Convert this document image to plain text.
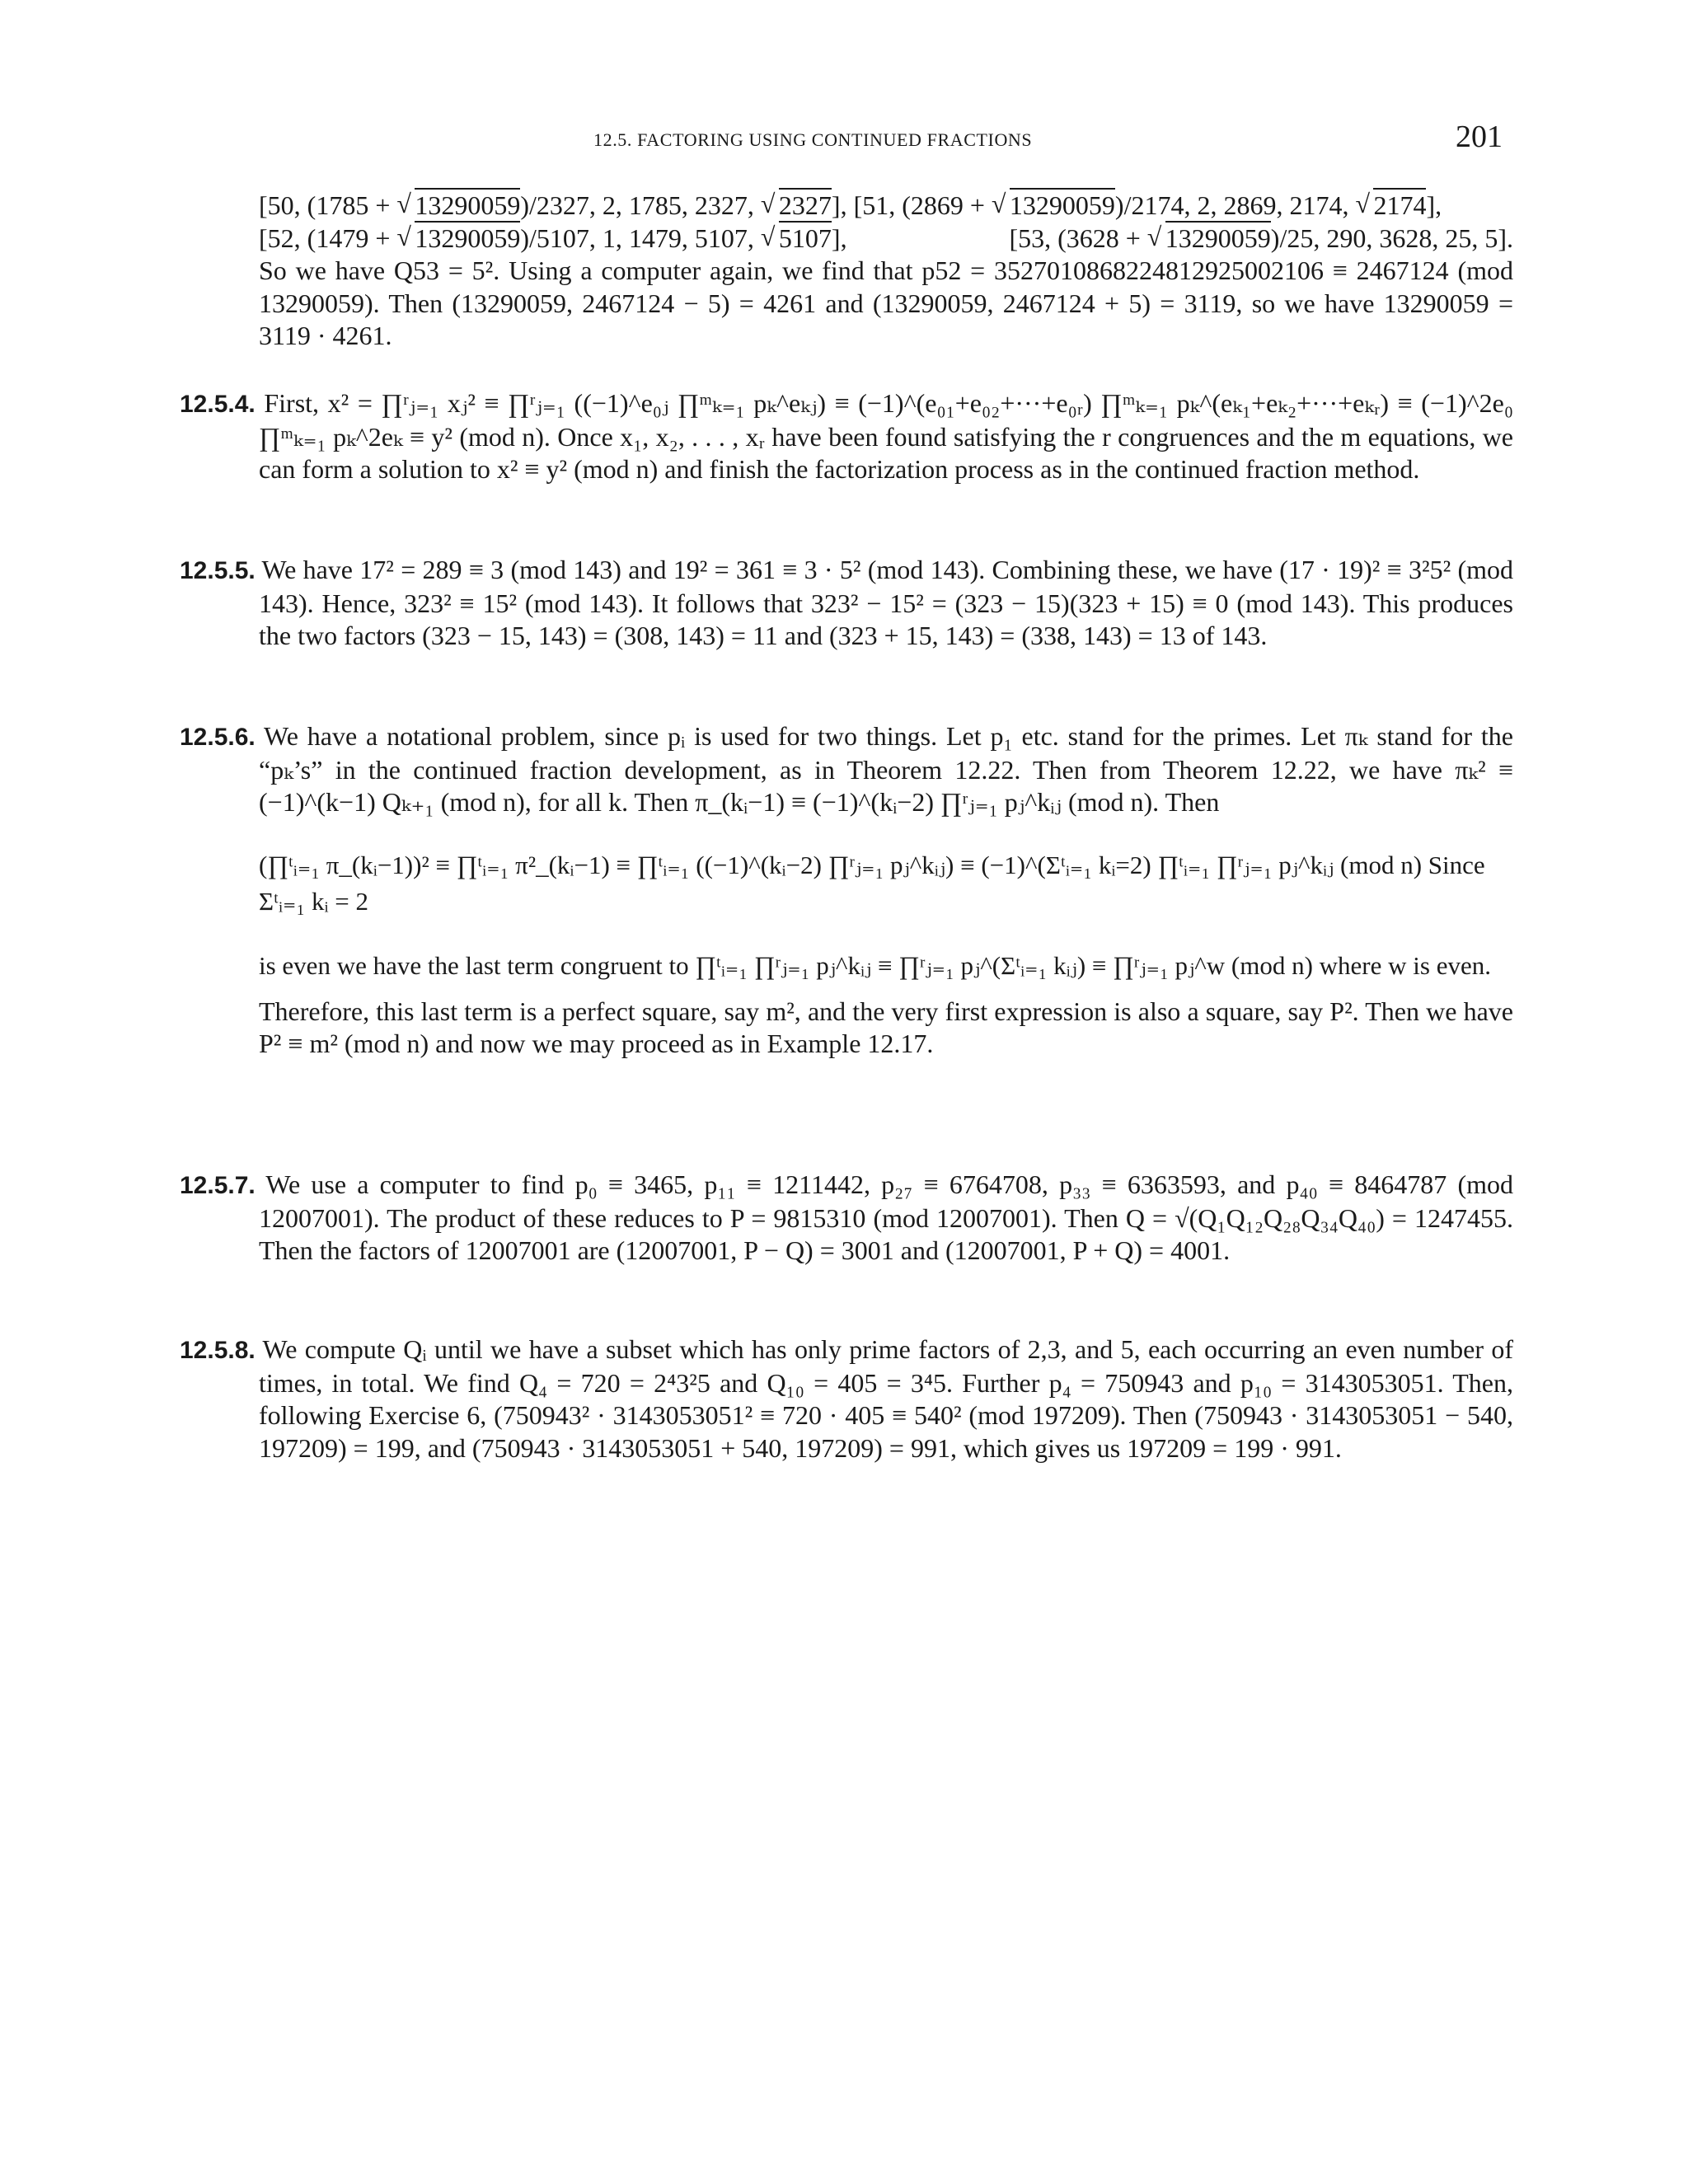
12.5. FACTORING USING CONTINUED FRACTIONS	201

[50, (1785 + √ 13290059)/2327, 2, 1785, 2327, √ 2327], [51, (2869 + √ 13290059)/2174, 2, 2869, 2174, √ 2174],

[52, (1479 + √ 13290059)/5107, 1, 1479, 5107, √ 5107],	[53, (3628 + √ 13290059)/25, 290, 3628, 25, 5].

So we have Q53 = 5². Using a computer again, we find that p52 = 352701086822481292500210​6 ≡ 2467124 (mod 13290059). Then (13290059, 2467124 − 5) = 4261 and (13290059, 2467124 + 5) = 3119, so we have 13290059 = 3119 · 4261.

12.5.4. First, x² = ∏ʳⱼ₌₁ xⱼ² ≡ ∏ʳⱼ₌₁ ((−1)^e₀ⱼ ∏ᵐₖ₌₁ pₖ^eₖⱼ) ≡ (−1)^(e₀₁+e₀₂+···+e₀ᵣ) ∏ᵐₖ₌₁ pₖ^(eₖ₁+eₖ₂+···+eₖᵣ) ≡ (−1)^2e₀ ∏ᵐₖ₌₁ pₖ^2eₖ ≡ y² (mod n). Once x₁, x₂, . . . , xᵣ have been found satisfying the r congruences and the m equations, we can form a solution to x² ≡ y² (mod n) and finish the factorization process as in the continued fraction method.

12.5.5. We have 17² = 289 ≡ 3 (mod 143) and 19² = 361 ≡ 3 · 5² (mod 143). Combining these, we have (17 · 19)² ≡ 3²5² (mod 143). Hence, 323² ≡ 15² (mod 143). It follows that 323² − 15² = (323 − 15)(323 + 15) ≡ 0 (mod 143). This produces the two factors (323 − 15, 143) = (308, 143) = 11 and (323 + 15, 143) = (338, 143) = 13 of 143.

12.5.6. We have a notational problem, since pᵢ is used for two things. Let p₁ etc. stand for the primes. Let πₖ stand for the “pₖ’s” in the continued fraction development, as in Theorem 12.22. Then from Theorem 12.22, we have πₖ² ≡ (−1)^(k−1) Qₖ₊₁ (mod n), for all k. Then π_(kᵢ−1) ≡ (−1)^(kᵢ−2) ∏ʳⱼ₌₁ pⱼ^kᵢⱼ (mod n). Then

(∏ᵗᵢ₌₁ π_(kᵢ−1))² ≡ ∏ᵗᵢ₌₁ π²_(kᵢ−1) ≡ ∏ᵗᵢ₌₁ ((−1)^(kᵢ−2) ∏ʳⱼ₌₁ pⱼ^kᵢⱼ) ≡ (−1)^(Σᵗᵢ₌₁ kᵢ=2) ∏ᵗᵢ₌₁ ∏ʳⱼ₌₁ pⱼ^kᵢⱼ (mod n) Since Σᵗᵢ₌₁ kᵢ = 2

is even we have the last term congruent to ∏ᵗᵢ₌₁ ∏ʳⱼ₌₁ pⱼ^kᵢⱼ ≡ ∏ʳⱼ₌₁ pⱼ^(Σᵗᵢ₌₁ kᵢⱼ) ≡ ∏ʳⱼ₌₁ pⱼ^w (mod n) where w is even.

Therefore, this last term is a perfect square, say m², and the very first expression is also a square, say P². Then we have P² ≡ m² (mod n) and now we may proceed as in Example 12.17.

12.5.7. We use a computer to find p₀ ≡ 3465, p₁₁ ≡ 1211442, p₂₇ ≡ 6764708, p₃₃ ≡ 6363593, and p₄₀ ≡ 8464787 (mod 12007001). The product of these reduces to P = 9815310 (mod 12007001). Then Q = √(Q₁Q₁₂Q₂₈Q₃₄Q₄₀) = 1247455. Then the factors of 12007001 are (12007001, P − Q) = 3001 and (12007001, P + Q) = 4001.

12.5.8. We compute Qᵢ until we have a subset which has only prime factors of 2,3, and 5, each occurring an even number of times, in total. We find Q₄ = 720 = 2⁴3²5 and Q₁₀ = 405 = 3⁴5. Further p₄ = 750943 and p₁₀ = 3143053051. Then, following Exercise 6, (750943² · 3143053051² ≡ 720 · 405 ≡ 540² (mod 197209). Then (750943 · 3143053051 − 540, 197209) = 199, and (750943 · 3143053051 + 540, 197209) = 991, which gives us 197209 = 199 · 991.
